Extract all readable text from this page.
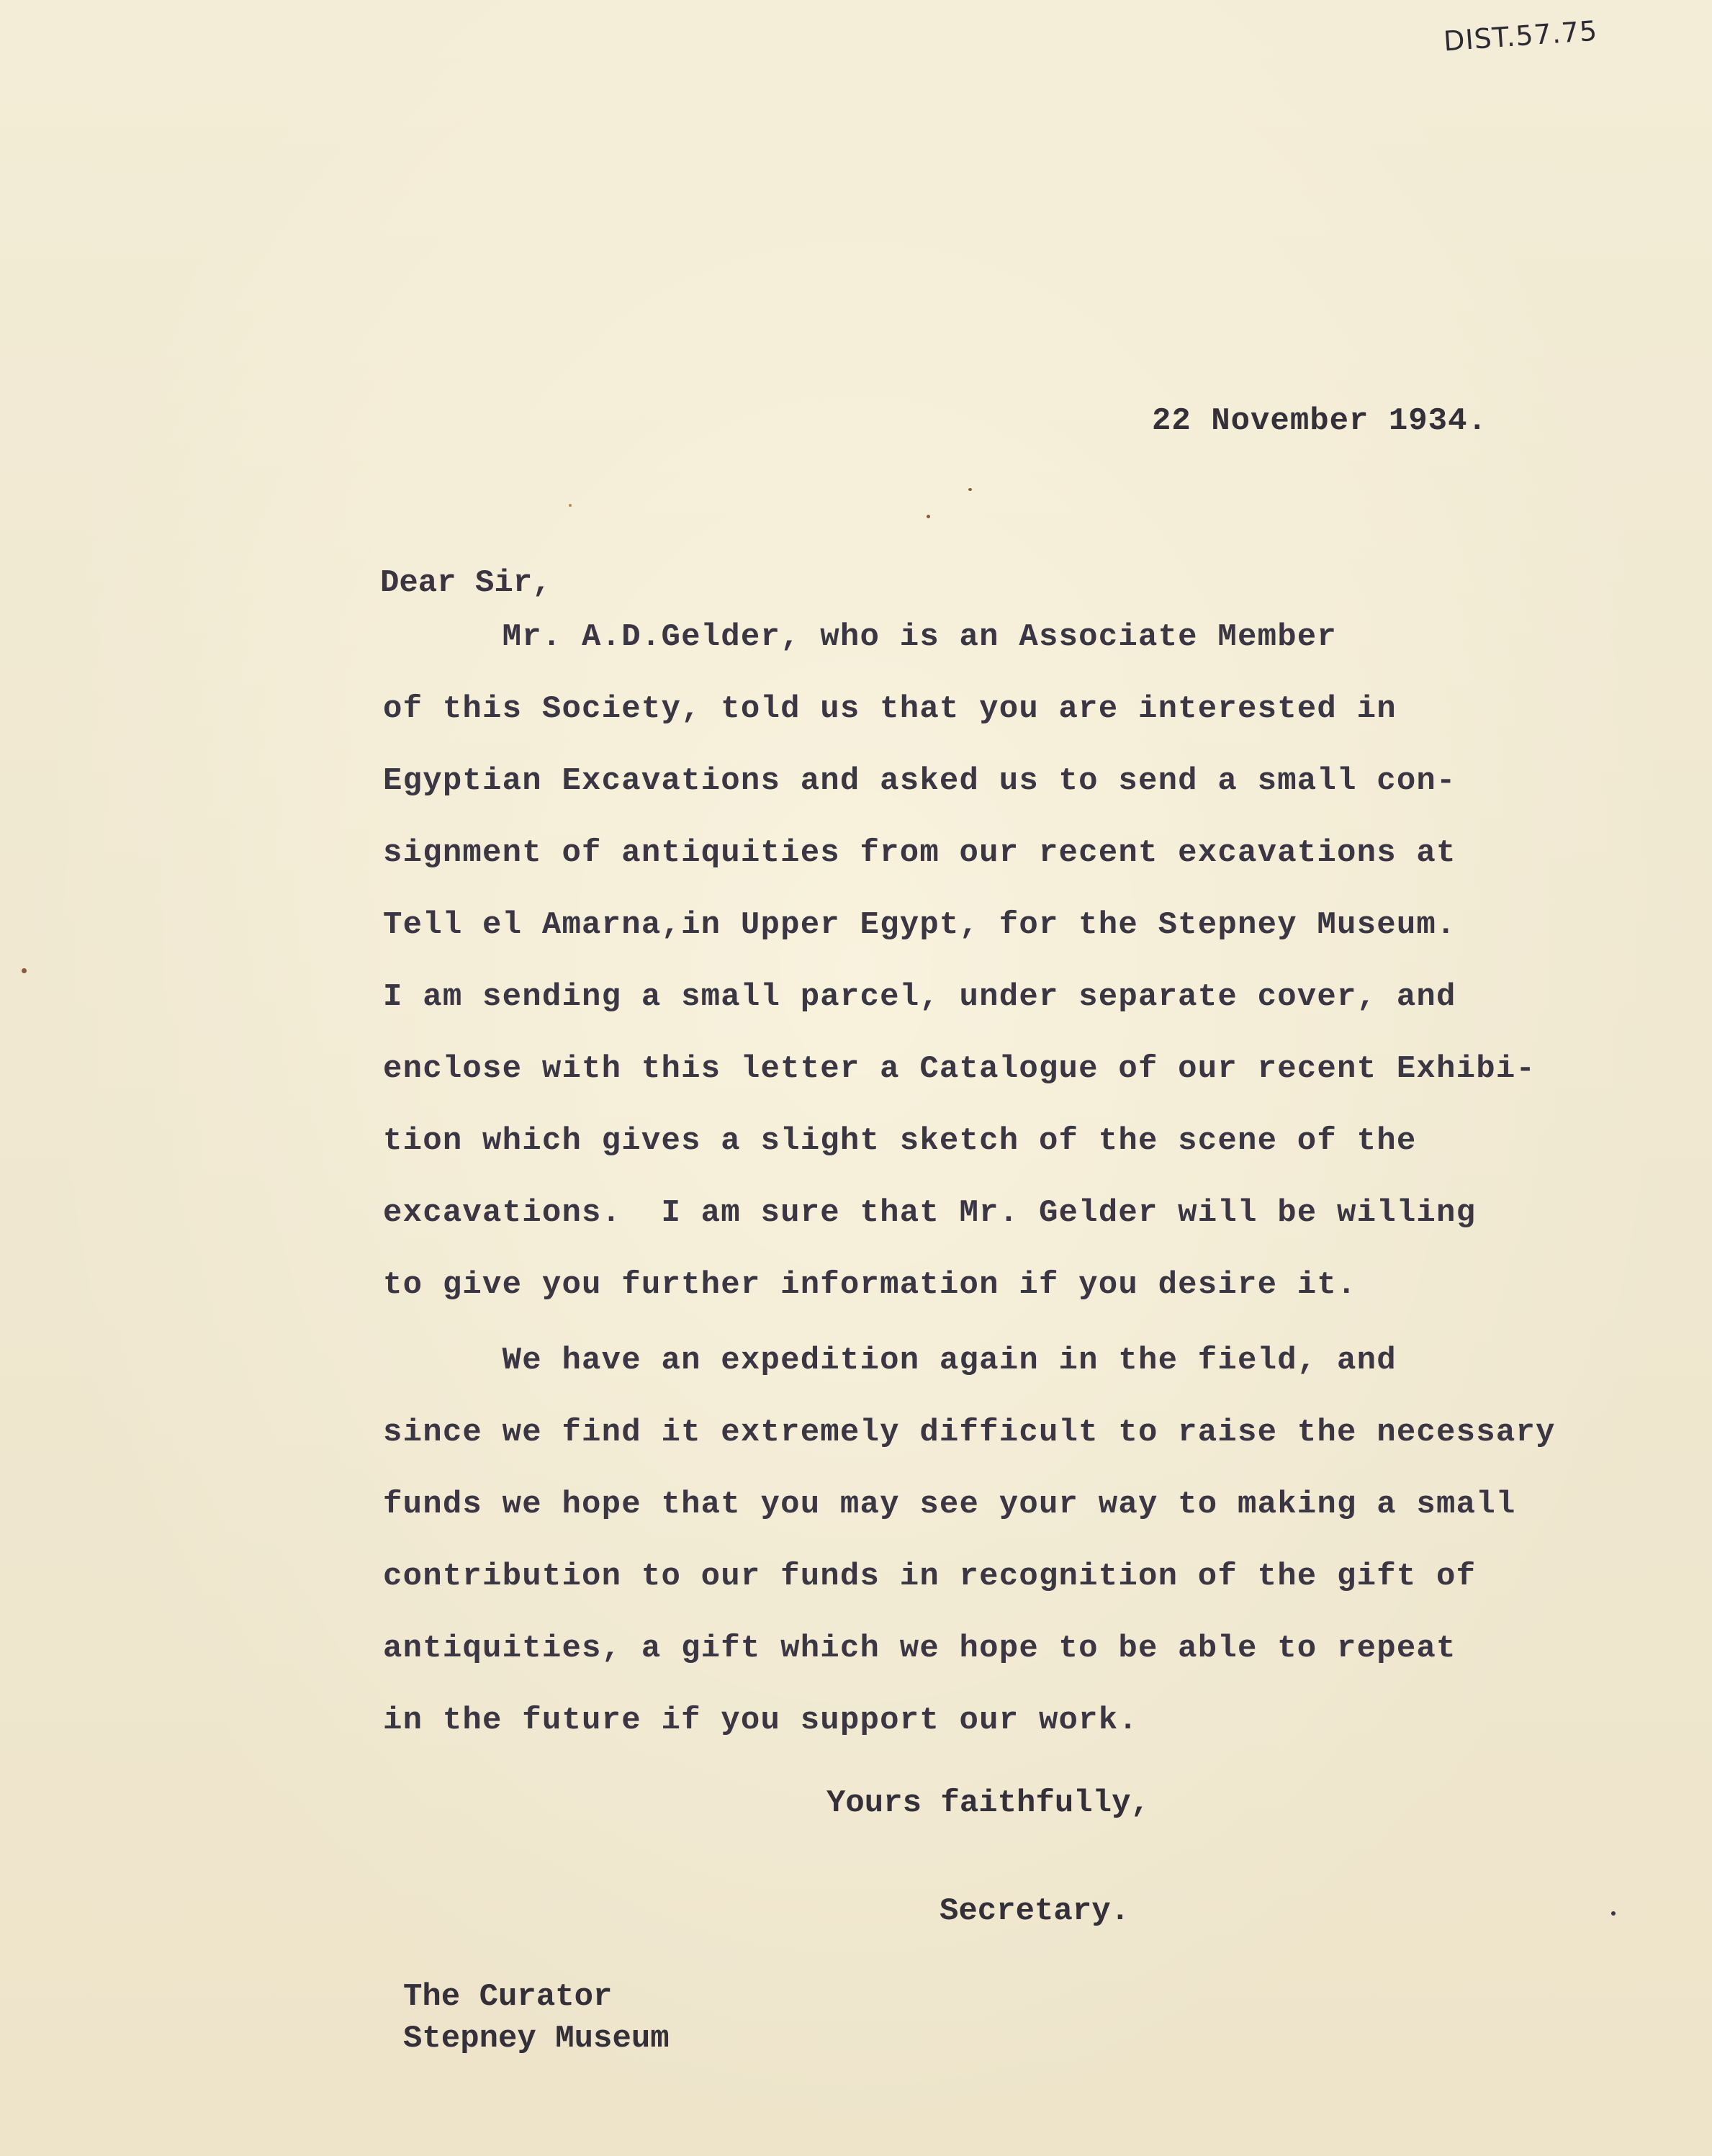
DIST.57.75
22 November 1934.
Dear Sir,
Mr. A.D.Gelder, who is an Associate Member
of this Society, told us that you are interested in
Egyptian Excavations and asked us to send a small con-
signment of antiquities from our recent excavations at
Tell el Amarna,in Upper Egypt, for the Stepney Museum.
I am sending a small parcel, under separate cover, and
enclose with this letter a Catalogue of our recent Exhibi-
tion which gives a slight sketch of the scene of the
excavations.  I am sure that Mr. Gelder will be willing
to give you further information if you desire it.
We have an expedition again in the field, and
since we find it extremely difficult to raise the necessary
funds we hope that you may see your way to making a small
contribution to our funds in recognition of the gift of
antiquities, a gift which we hope to be able to repeat
in the future if you support our work.
Yours faithfully,
Secretary.
The Curator
Stepney Museum
